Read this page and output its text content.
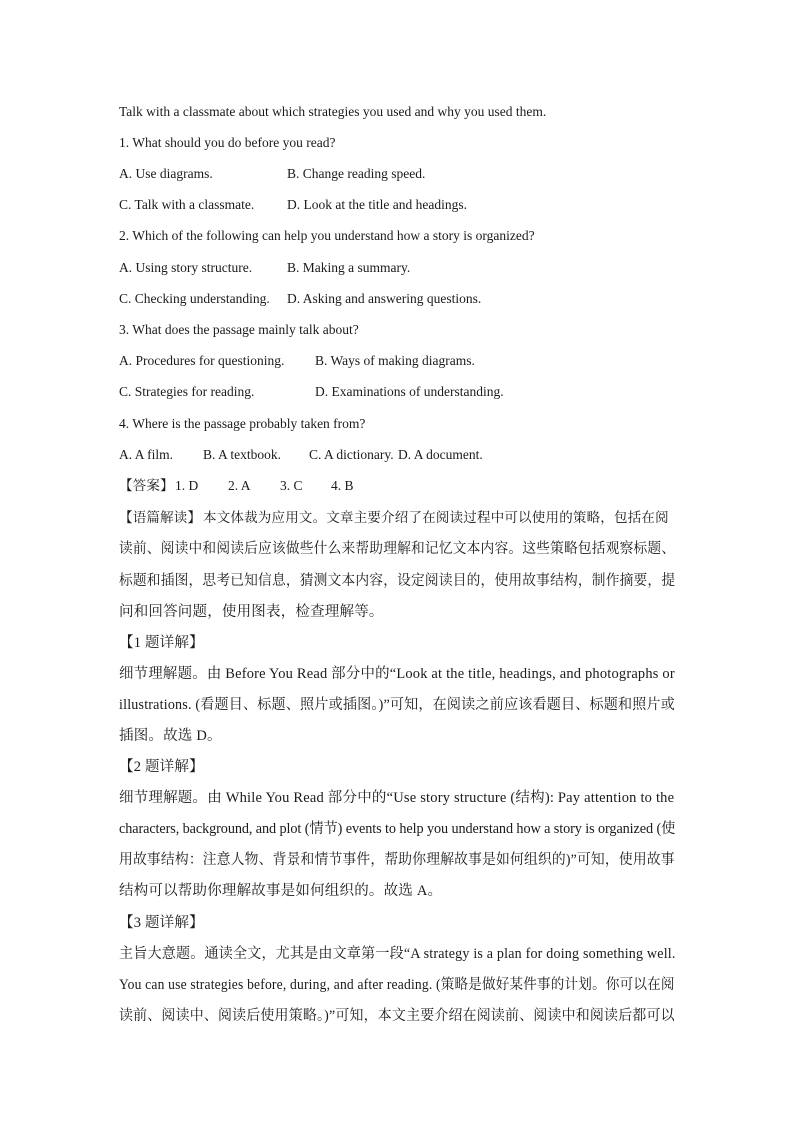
Talk with a classmate about which strategies you used and why you used them.
1. What should you do before you read?
A. Use diagrams.	B. Change reading speed.
C. Talk with a classmate. D. Look at the title and headings.
2. Which of the following can help you understand how a story is organized?
A. Using story structure.	B. Making a summary.
C. Checking understanding. D. Asking and answering questions.
3. What does the passage mainly talk about?
A. Procedures for questioning. B. Ways of making diagrams.
C. Strategies for reading.	D. Examinations of understanding.
4. Where is the passage probably taken from?
A. A film. B. A textbook. C. A dictionary. D. A document.
【答案】 1. D 2. A 3. C 4. B
【语篇解读】 本文体裁为应用文。文章主要介绍了在阅读过程中可以使用的策略，包括在阅
读前、阅读中和阅读后应该做些什么来帮助理解和记忆文本内容。这些策略包括观察标题、
标题和插图，思考已知信息，猜测文本内容，设定阅读目的，使用故事结构，制作摘要，提
问和回答问题，使用图表，检查理解等。
【1 题详解】
细节理解题。由 Before You Read 部分中的“Look at the title, headings, and photographs or
illustrations. (看题目、标题、照片或插图。)”可知，在阅读之前应该看题目、标题和照片或
插图。故选 D。
【2 题详解】
细节理解题。由 While You Read 部分中的“Use story structure (结构): Pay attention to the
characters, background, and plot (情节) events to help you understand how a story is organized (使
用故事结构：注意人物、背景和情节事件，帮助你理解故事是如何组织的)”可知，使用故事
结构可以帮助你理解故事是如何组织的。故选 A。
【3 题详解】
主旨大意题。通读全文，尤其是由文章第一段“A strategy is a plan for doing something well.
You can use strategies before, during, and after reading. (策略是做好某件事的计划。你可以在阅
读前、阅读中、阅读后使用策略。)”可知，本文主要介绍在阅读前、阅读中和阅读后都可以
